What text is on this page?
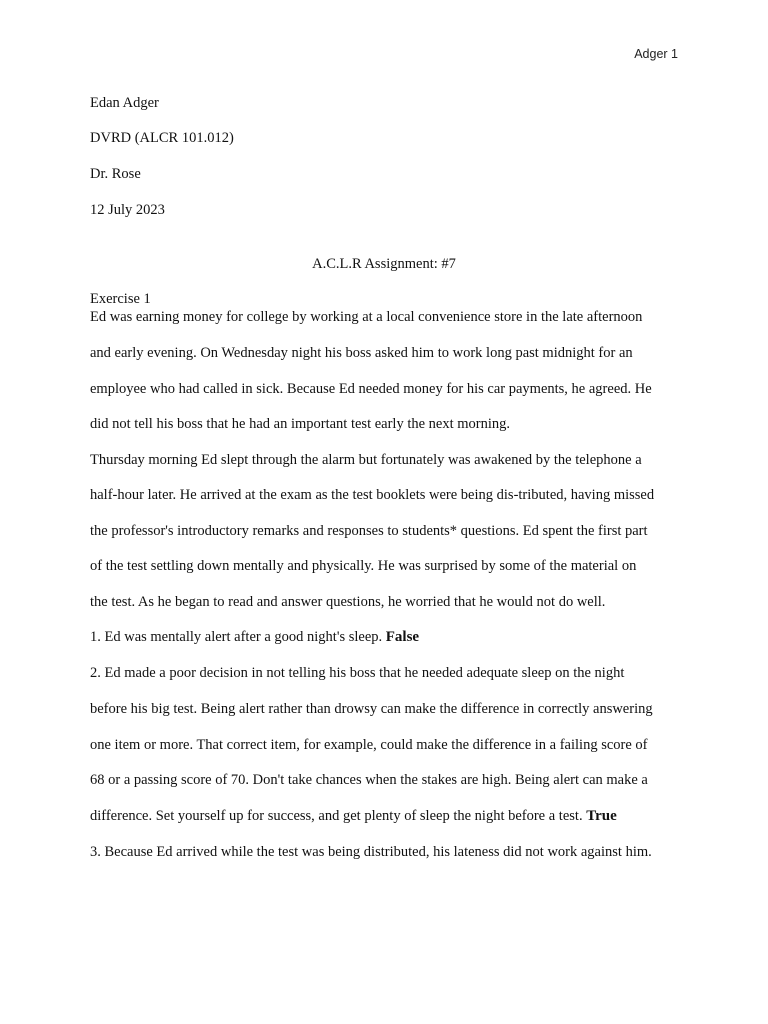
Adger 1
Edan Adger
DVRD (ALCR 101.012)
Dr. Rose
12 July 2023
A.C.L.R Assignment: #7
Exercise 1
Ed was earning money for college by working at a local convenience store in the late afternoon
and early evening. On Wednesday night his boss asked him to work long past midnight for an
employee who had called in sick. Because Ed needed money for his car payments, he agreed. He
did not tell his boss that he had an important test early the next morning.
Thursday morning Ed slept through the alarm but fortunately was awakened by the telephone a
half-hour later. He arrived at the exam as the test booklets were being dis-tributed, having missed
the professor's introductory remarks and responses to students* questions. Ed spent the first part
of the test settling down mentally and physically. He was surprised by some of the material on
the test. As he began to read and answer questions, he worried that he would not do well.
1. Ed was mentally alert after a good night's sleep. False
2. Ed made a poor decision in not telling his boss that he needed adequate sleep on the night
before his big test. Being alert rather than drowsy can make the difference in correctly answering
one item or more. That correct item, for example, could make the difference in a failing score of
68 or a passing score of 70. Don't take chances when the stakes are high. Being alert can make a
difference. Set yourself up for success, and get plenty of sleep the night before a test. True
3. Because Ed arrived while the test was being distributed, his lateness did not work against him.
